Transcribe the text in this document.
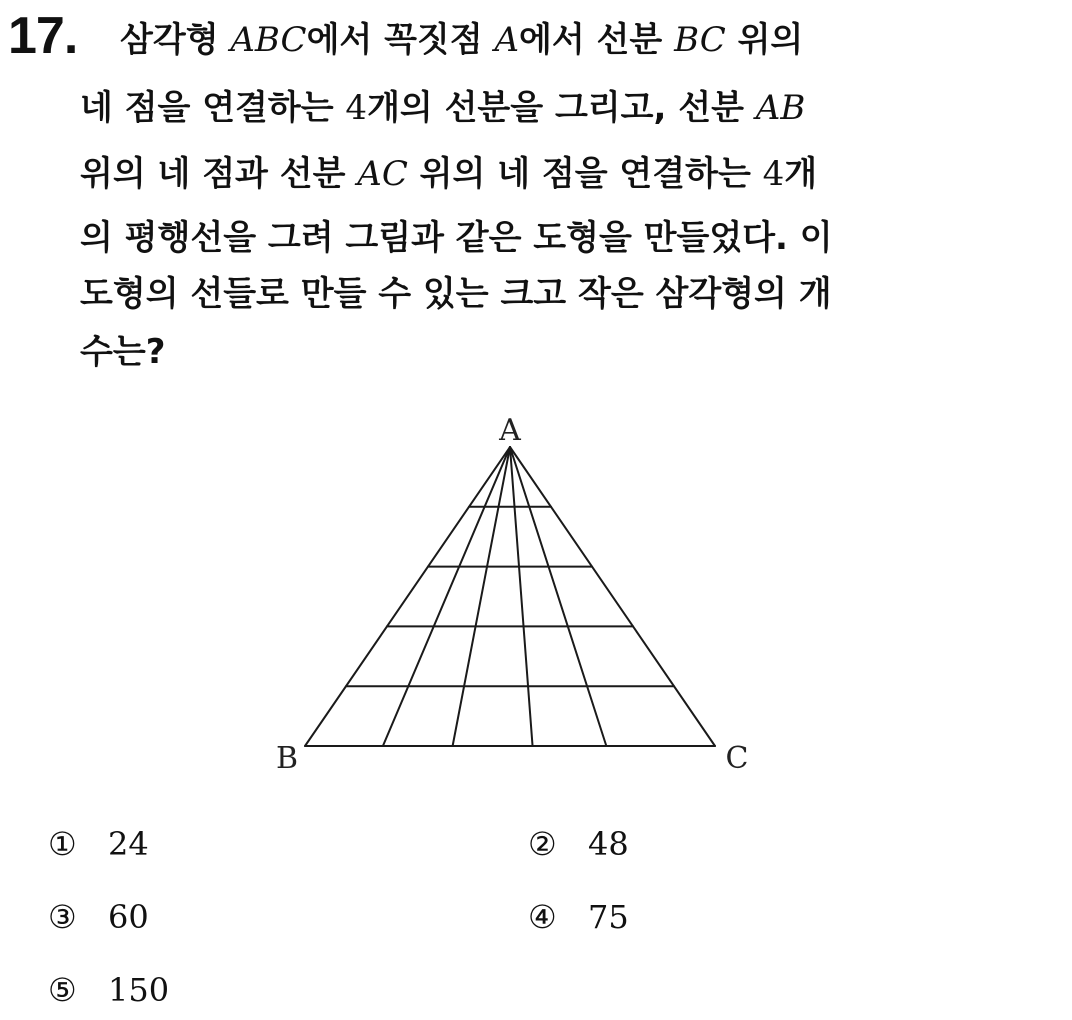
17. 삼각형 ABC에서 꼭짓점 A에서 선분 BC 위의
네 점을 연결하는 4개의 선분을 그리고, 선분 AB
위의 네 점과 선분 AC 위의 네 점을 연결하는 4개
의 평행선을 그려 그림과 같은 도형을 만들었다. 이
도형의 선들로 만들 수 있는 크고 작은 삼각형의 개
수는?
A
B	C
① 24	② 48
③ 60	④ 75
⑤ 150
